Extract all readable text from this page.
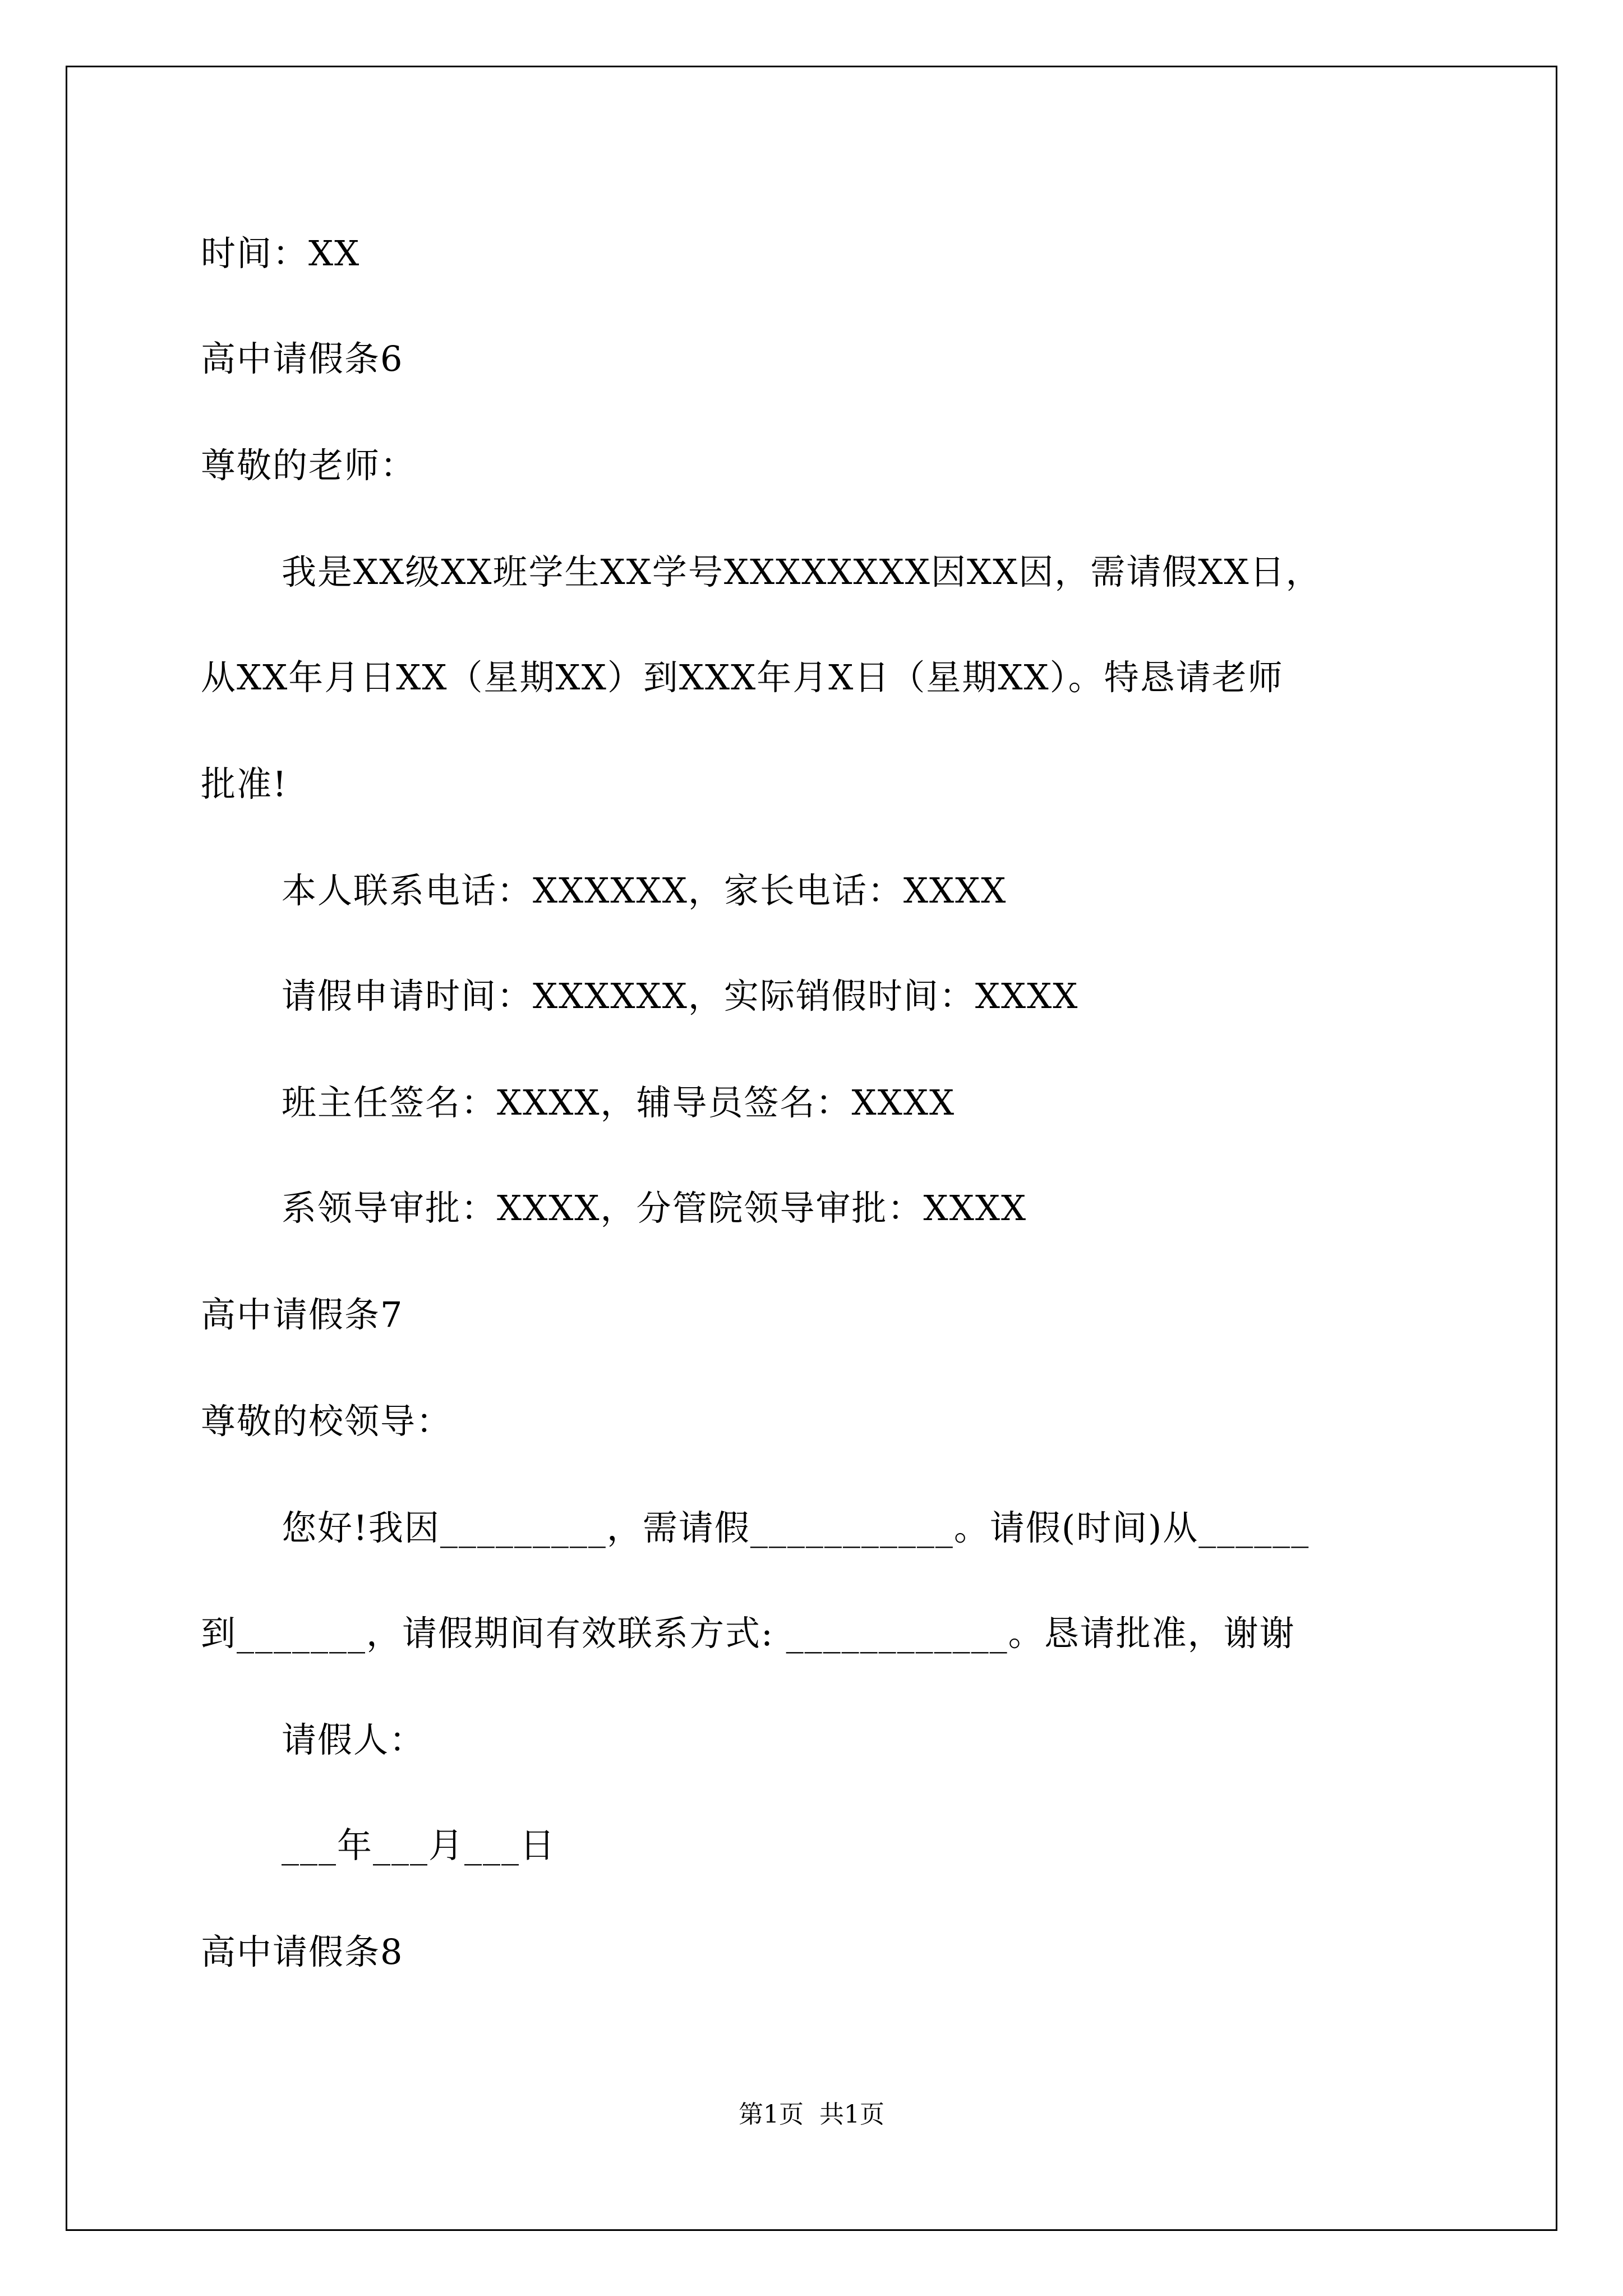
时间：XX
高中请假条6
尊敬的老师：
我是XX级XX班学生XX学号XXXXXXXX因XX因，需请假XX日，
从XX年月日XX（星期XX）到XXX年月X日（星期XX）。特恳请老师
批准!
本人联系电话：XXXXXX，家长电话：XXXX
请假申请时间：XXXXXX，实际销假时间：XXXX
班主任签名：XXXX，辅导员签名：XXXX
系领导审批：XXXX，分管院领导审批：XXXX
高中请假条7
尊敬的校领导：
您好!我因_________，需请假___________。请假(时间)从______
到_______，请假期间有效联系方式: ____________。恳请批准，谢谢
请假人：
___年___月___日
高中请假条8
第1页  共1页
